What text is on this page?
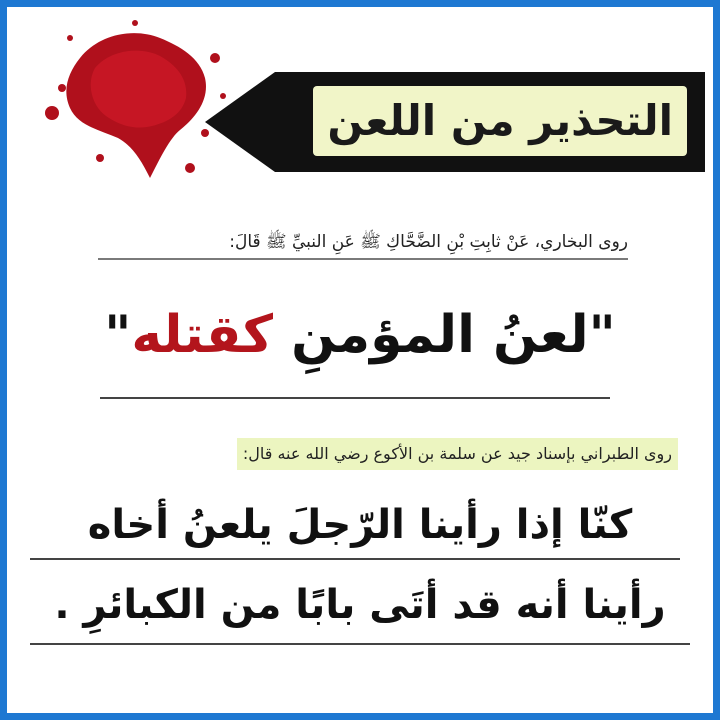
التحذير من اللعن
روى البخاري، عَنْ ثابِتِ بْنِ الضَّحَّاكِ ﷺ عَنِ النبيِّ ﷺ قَالَ:
"لعنُ المؤمنِ كقتله"
روى الطبراني بإسناد جيد عن سلمة بن الأكوع رضي الله عنه قال:
كنّا إذا رأينا الرّجلَ يلعنُ أخاه
رأينا أنه قد أتَى بابًا من الكبائرِ .
